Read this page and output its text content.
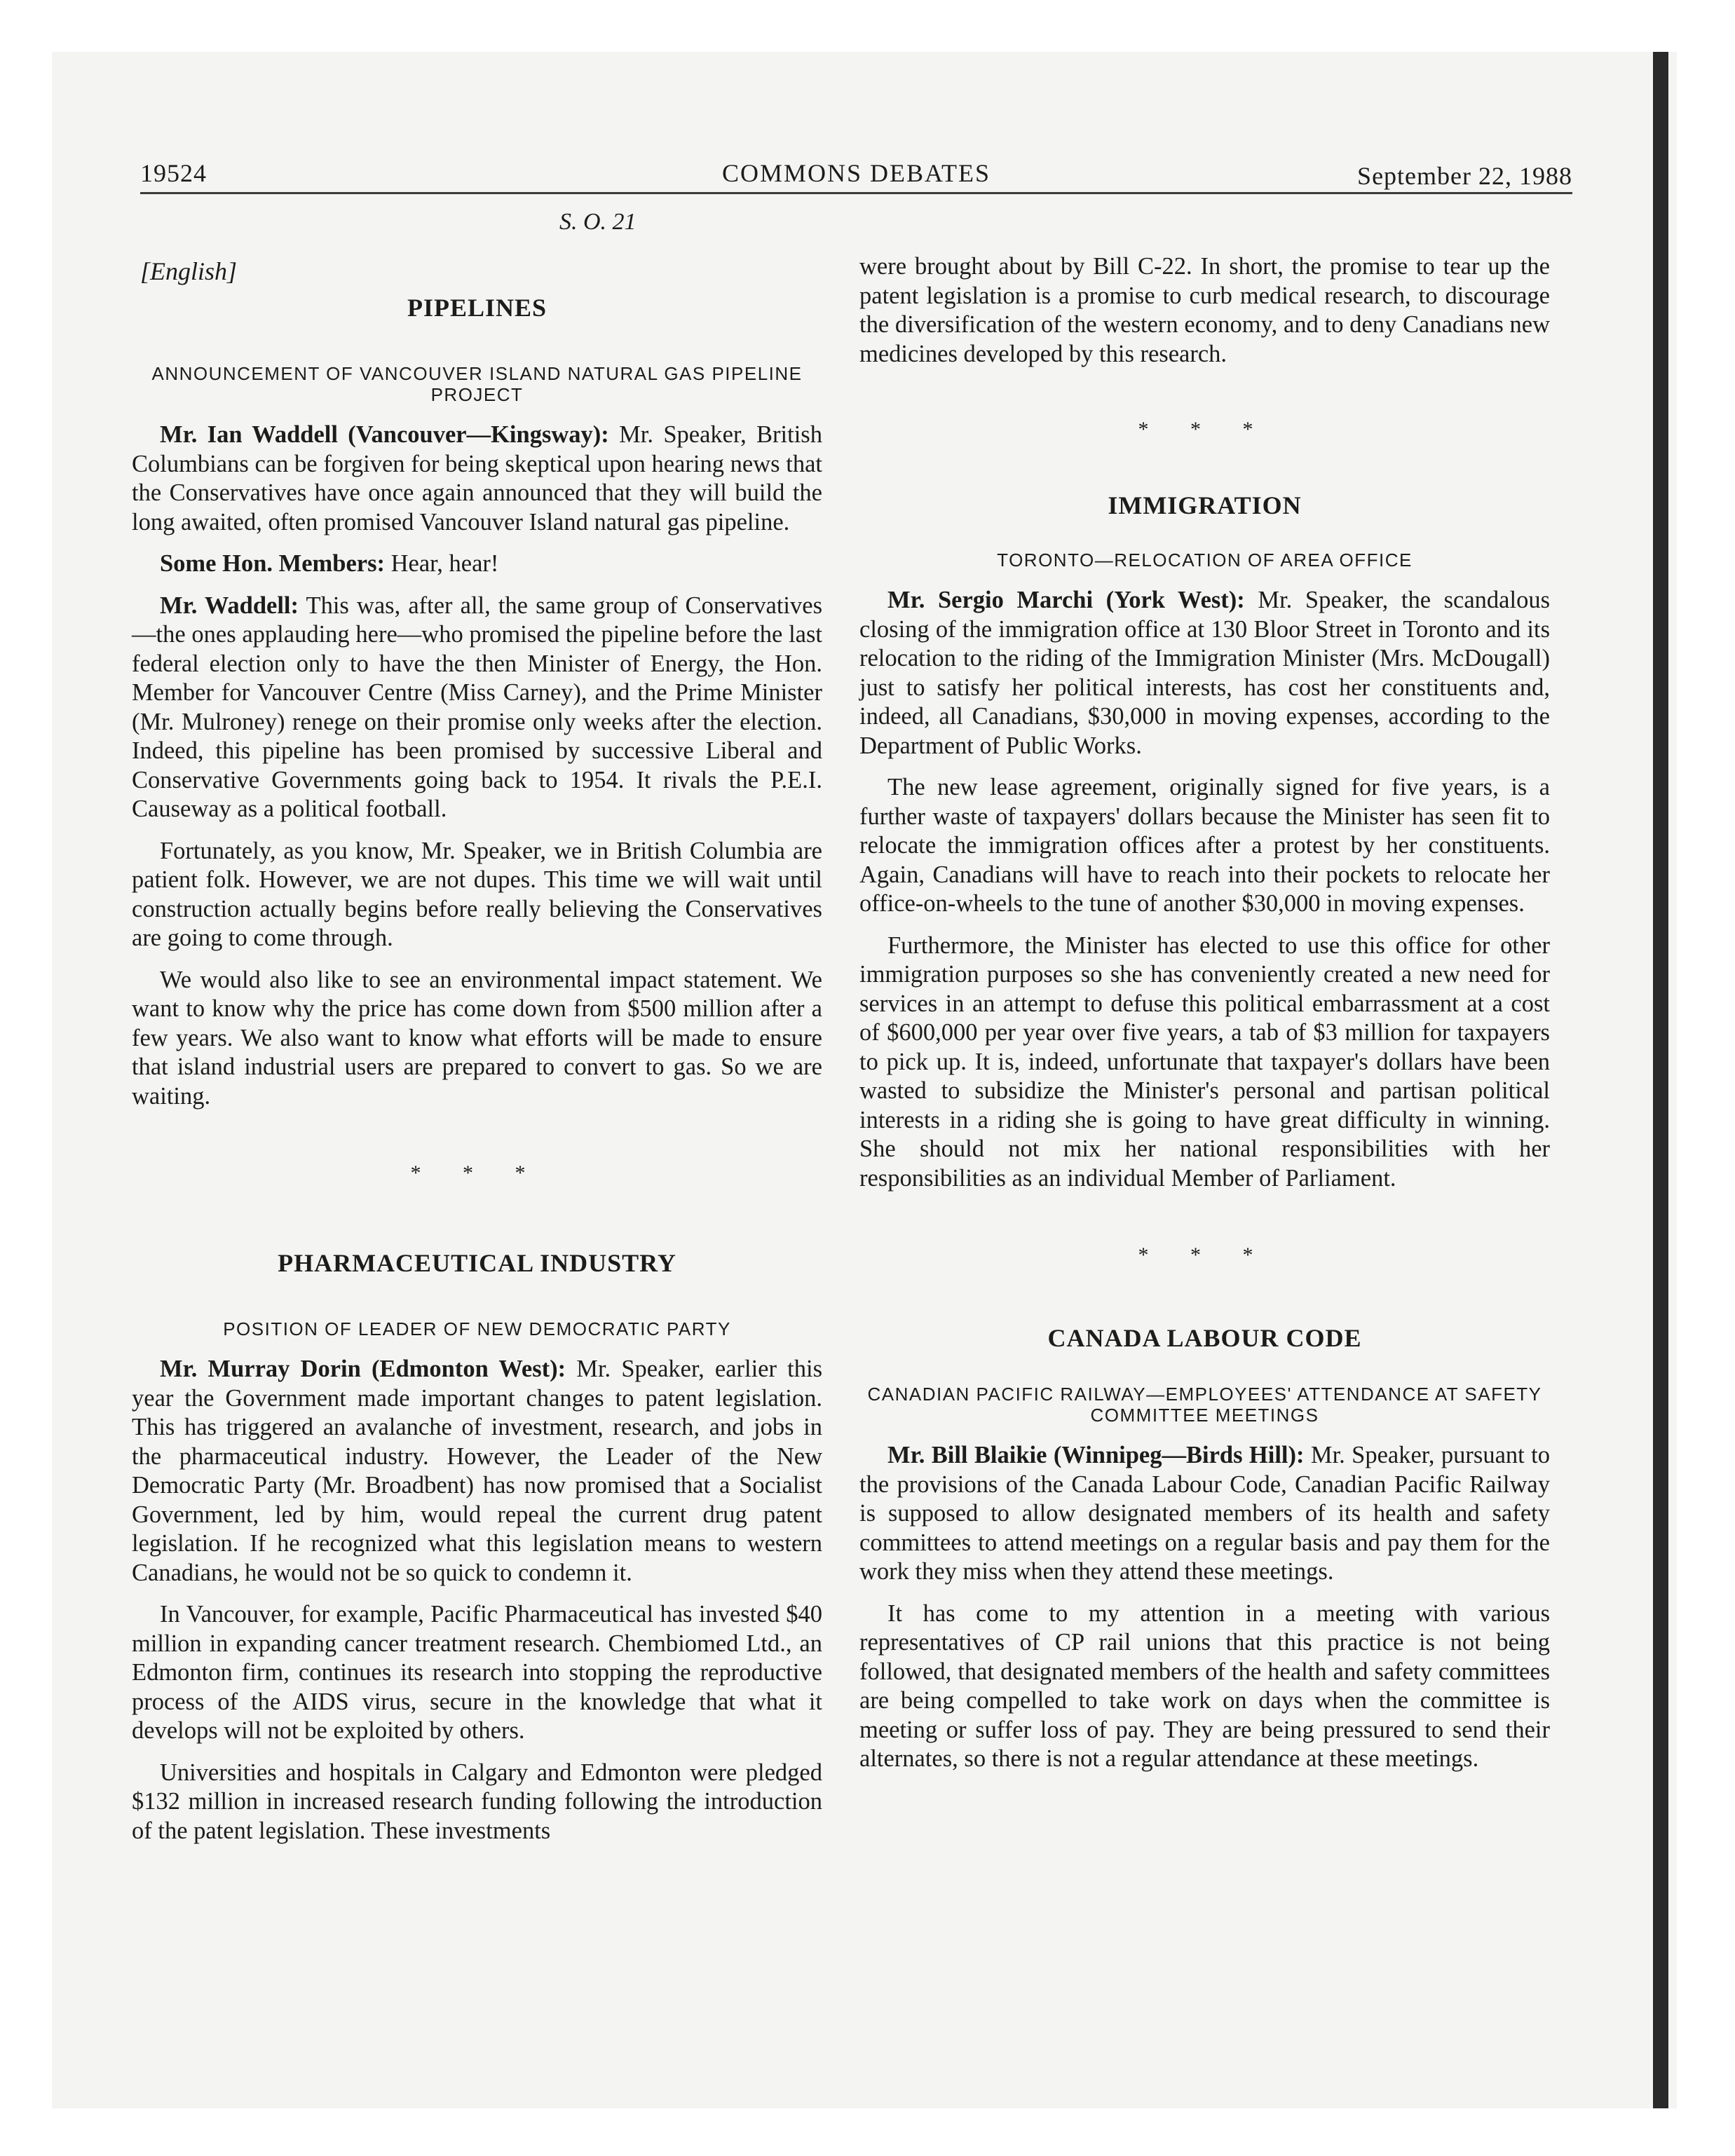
19524	COMMONS DEBATES	September 22, 1988
S. O. 21
[English]
PIPELINES
ANNOUNCEMENT OF VANCOUVER ISLAND NATURAL GAS PIPELINE PROJECT

Mr. Ian Waddell (Vancouver—Kingsway): Mr. Speaker, British Columbians can be forgiven for being skeptical upon hearing news that the Conservatives have once again announced that they will build the long awaited, often promised Vancouver Island natural gas pipeline.

Some Hon. Members: Hear, hear!

Mr. Waddell: This was, after all, the same group of Conservatives—the ones applauding here—who promised the pipeline before the last federal election only to have the then Minister of Energy, the Hon. Member for Vancouver Centre (Miss Carney), and the Prime Minister (Mr. Mulroney) renege on their promise only weeks after the election. Indeed, this pipeline has been promised by successive Liberal and Conservative Governments going back to 1954. It rivals the P.E.I. Causeway as a political football.

Fortunately, as you know, Mr. Speaker, we in British Columbia are patient folk. However, we are not dupes. This time we will wait until construction actually begins before really believing the Conservatives are going to come through.

We would also like to see an environmental impact statement. We want to know why the price has come down from $500 million after a few years. We also want to know what efforts will be made to ensure that island industrial users are prepared to convert to gas. So we are waiting.

* * *
PHARMACEUTICAL INDUSTRY
POSITION OF LEADER OF NEW DEMOCRATIC PARTY

Mr. Murray Dorin (Edmonton West): Mr. Speaker, earlier this year the Government made important changes to patent legislation. This has triggered an avalanche of investment, research, and jobs in the pharmaceutical industry. However, the Leader of the New Democratic Party (Mr. Broadbent) has now promised that a Socialist Government, led by him, would repeal the current drug patent legislation. If he recognized what this legislation means to western Canadians, he would not be so quick to condemn it.

In Vancouver, for example, Pacific Pharmaceutical has invested $40 million in expanding cancer treatment research. Chembiomed Ltd., an Edmonton firm, continues its research into stopping the reproductive process of the AIDS virus, secure in the knowledge that what it develops will not be exploited by others.

Universities and hospitals in Calgary and Edmonton were pledged $132 million in increased research funding following the introduction of the patent legislation. These investments

were brought about by Bill C-22. In short, the promise to tear up the patent legislation is a promise to curb medical research, to discourage the diversification of the western economy, and to deny Canadians new medicines developed by this research.

* * *
IMMIGRATION
TORONTO—RELOCATION OF AREA OFFICE

Mr. Sergio Marchi (York West): Mr. Speaker, the scandalous closing of the immigration office at 130 Bloor Street in Toronto and its relocation to the riding of the Immigration Minister (Mrs. McDougall) just to satisfy her political interests, has cost her constituents and, indeed, all Canadians, $30,000 in moving expenses, according to the Department of Public Works.

The new lease agreement, originally signed for five years, is a further waste of taxpayers' dollars because the Minister has seen fit to relocate the immigration offices after a protest by her constituents. Again, Canadians will have to reach into their pockets to relocate her office-on-wheels to the tune of another $30,000 in moving expenses.

Furthermore, the Minister has elected to use this office for other immigration purposes so she has conveniently created a new need for services in an attempt to defuse this political embarrassment at a cost of $600,000 per year over five years, a tab of $3 million for taxpayers to pick up. It is, indeed, unfortunate that taxpayer's dollars have been wasted to subsidize the Minister's personal and partisan political interests in a riding she is going to have great difficulty in winning. She should not mix her national responsibilities with her responsibilities as an individual Member of Parliament.

* * *
CANADA LABOUR CODE
CANADIAN PACIFIC RAILWAY—EMPLOYEES' ATTENDANCE AT SAFETY COMMITTEE MEETINGS

Mr. Bill Blaikie (Winnipeg—Birds Hill): Mr. Speaker, pursuant to the provisions of the Canada Labour Code, Canadian Pacific Railway is supposed to allow designated members of its health and safety committees to attend meetings on a regular basis and pay them for the work they miss when they attend these meetings.

It has come to my attention in a meeting with various representatives of CP rail unions that this practice is not being followed, that designated members of the health and safety committees are being compelled to take work on days when the committee is meeting or suffer loss of pay. They are being pressured to send their alternates, so there is not a regular attendance at these meetings.
